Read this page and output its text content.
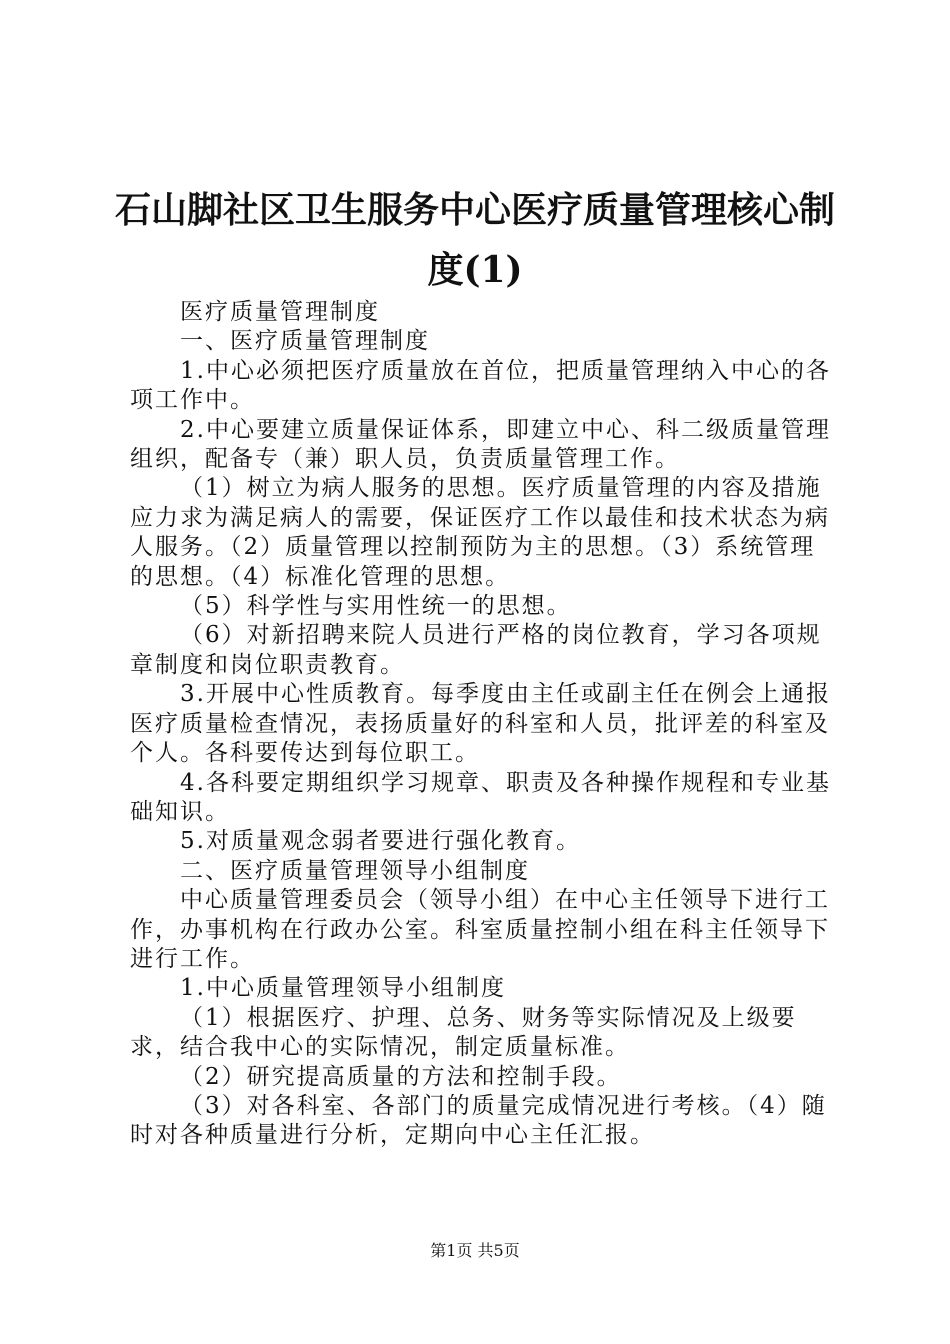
石山脚社区卫生服务中心医疗质量管理核心制
度(1)

医疗质量管理制度

一、医疗质量管理制度

1.中心必须把医疗质量放在首位，把质量管理纳入中心的各项工作中。

2.中心要建立质量保证体系，即建立中心、科二级质量管理组织，配备专（兼）职人员，负责质量管理工作。

（1）树立为病人服务的思想。医疗质量管理的内容及措施应力求为满足病人的需要，保证医疗工作以最佳和技术状态为病人服务。（2）质量管理以控制预防为主的思想。（3）系统管理的思想。（4）标准化管理的思想。

（5）科学性与实用性统一的思想。

（6）对新招聘来院人员进行严格的岗位教育，学习各项规章制度和岗位职责教育。

3.开展中心性质教育。每季度由主任或副主任在例会上通报医疗质量检查情况，表扬质量好的科室和人员，批评差的科室及个人。各科要传达到每位职工。

4.各科要定期组织学习规章、职责及各种操作规程和专业基础知识。

5.对质量观念弱者要进行强化教育。

二、医疗质量管理领导小组制度

中心质量管理委员会（领导小组）在中心主任领导下进行工作，办事机构在行政办公室。科室质量控制小组在科主任领导下进行工作。

1.中心质量管理领导小组制度

（1）根据医疗、护理、总务、财务等实际情况及上级要求，结合我中心的实际情况，制定质量标准。

（2）研究提高质量的方法和控制手段。

（3）对各科室、各部门的质量完成情况进行考核。（4）随时对各种质量进行分析，定期向中心主任汇报。

第1页 共5页
